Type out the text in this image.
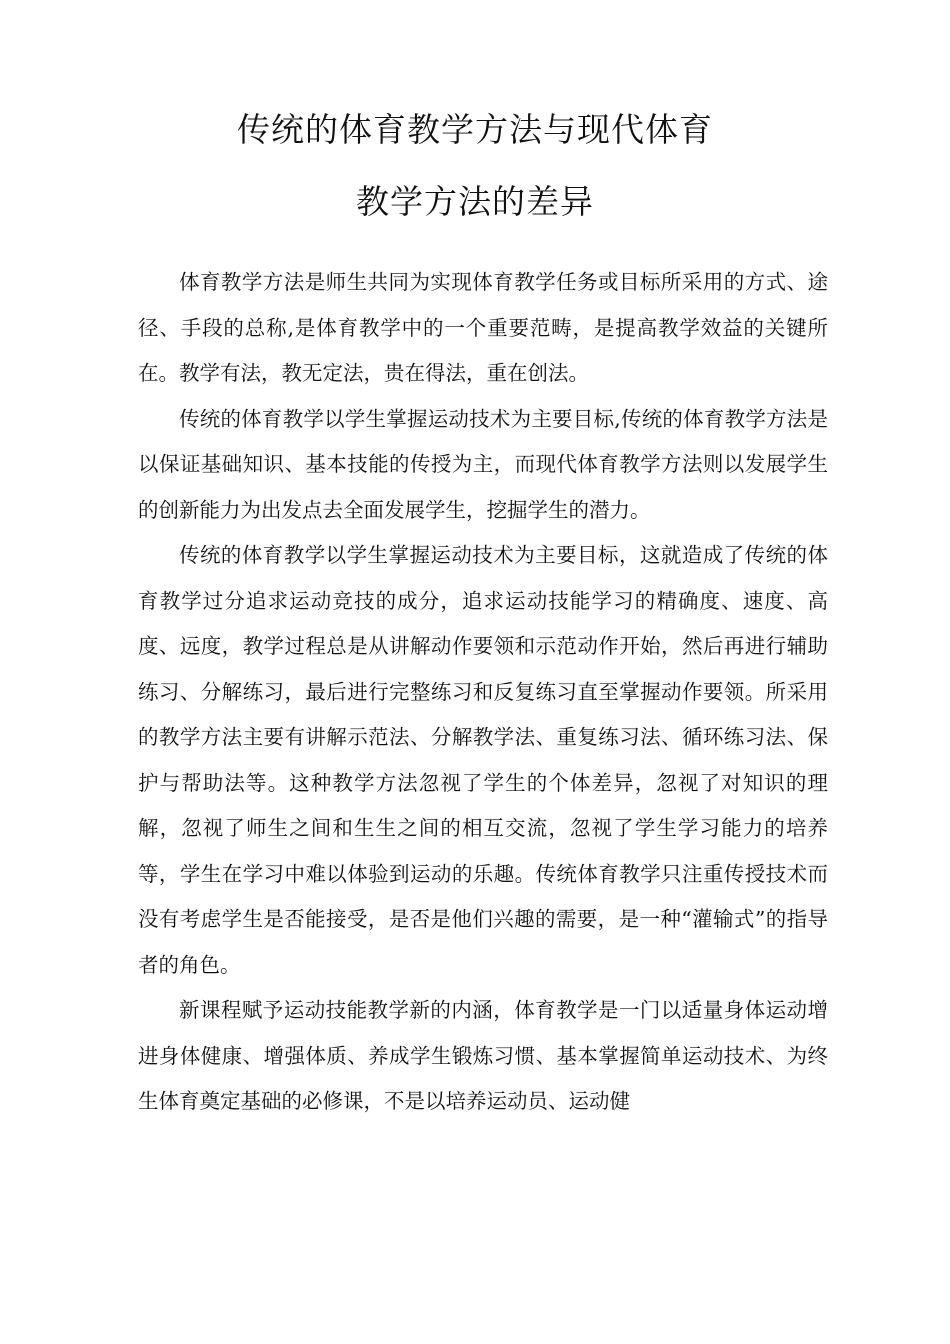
传统的体育教学方法与现代体育
教学方法的差异

体育教学方法是师生共同为实现体育教学任务或目标所采用的方式、途径、手段的总称,是体育教学中的一个重要范畴，是提高教学效益的关键所在。教学有法，教无定法，贵在得法，重在创法。

传统的体育教学以学生掌握运动技术为主要目标,传统的体育教学方法是以保证基础知识、基本技能的传授为主，而现代体育教学方法则以发展学生的创新能力为出发点去全面发展学生，挖掘学生的潜力。

传统的体育教学以学生掌握运动技术为主要目标，这就造成了传统的体育教学过分追求运动竞技的成分，追求运动技能学习的精确度、速度、高度、远度，教学过程总是从讲解动作要领和示范动作开始，然后再进行辅助练习、分解练习，最后进行完整练习和反复练习直至掌握动作要领。所采用的教学方法主要有讲解示范法、分解教学法、重复练习法、循环练习法、保护与帮助法等。这种教学方法忽视了学生的个体差异，忽视了对知识的理解，忽视了师生之间和生生之间的相互交流，忽视了学生学习能力的培养等，学生在学习中难以体验到运动的乐趣。传统体育教学只注重传授技术而没有考虑学生是否能接受，是否是他们兴趣的需要，是一种“灌输式”的指导者的角色。

新课程赋予运动技能教学新的内涵，体育教学是一门以适量身体运动增进身体健康、增强体质、养成学生锻炼习惯、基本掌握简单运动技术、为终生体育奠定基础的必修课，不是以培养运动员、运动健
